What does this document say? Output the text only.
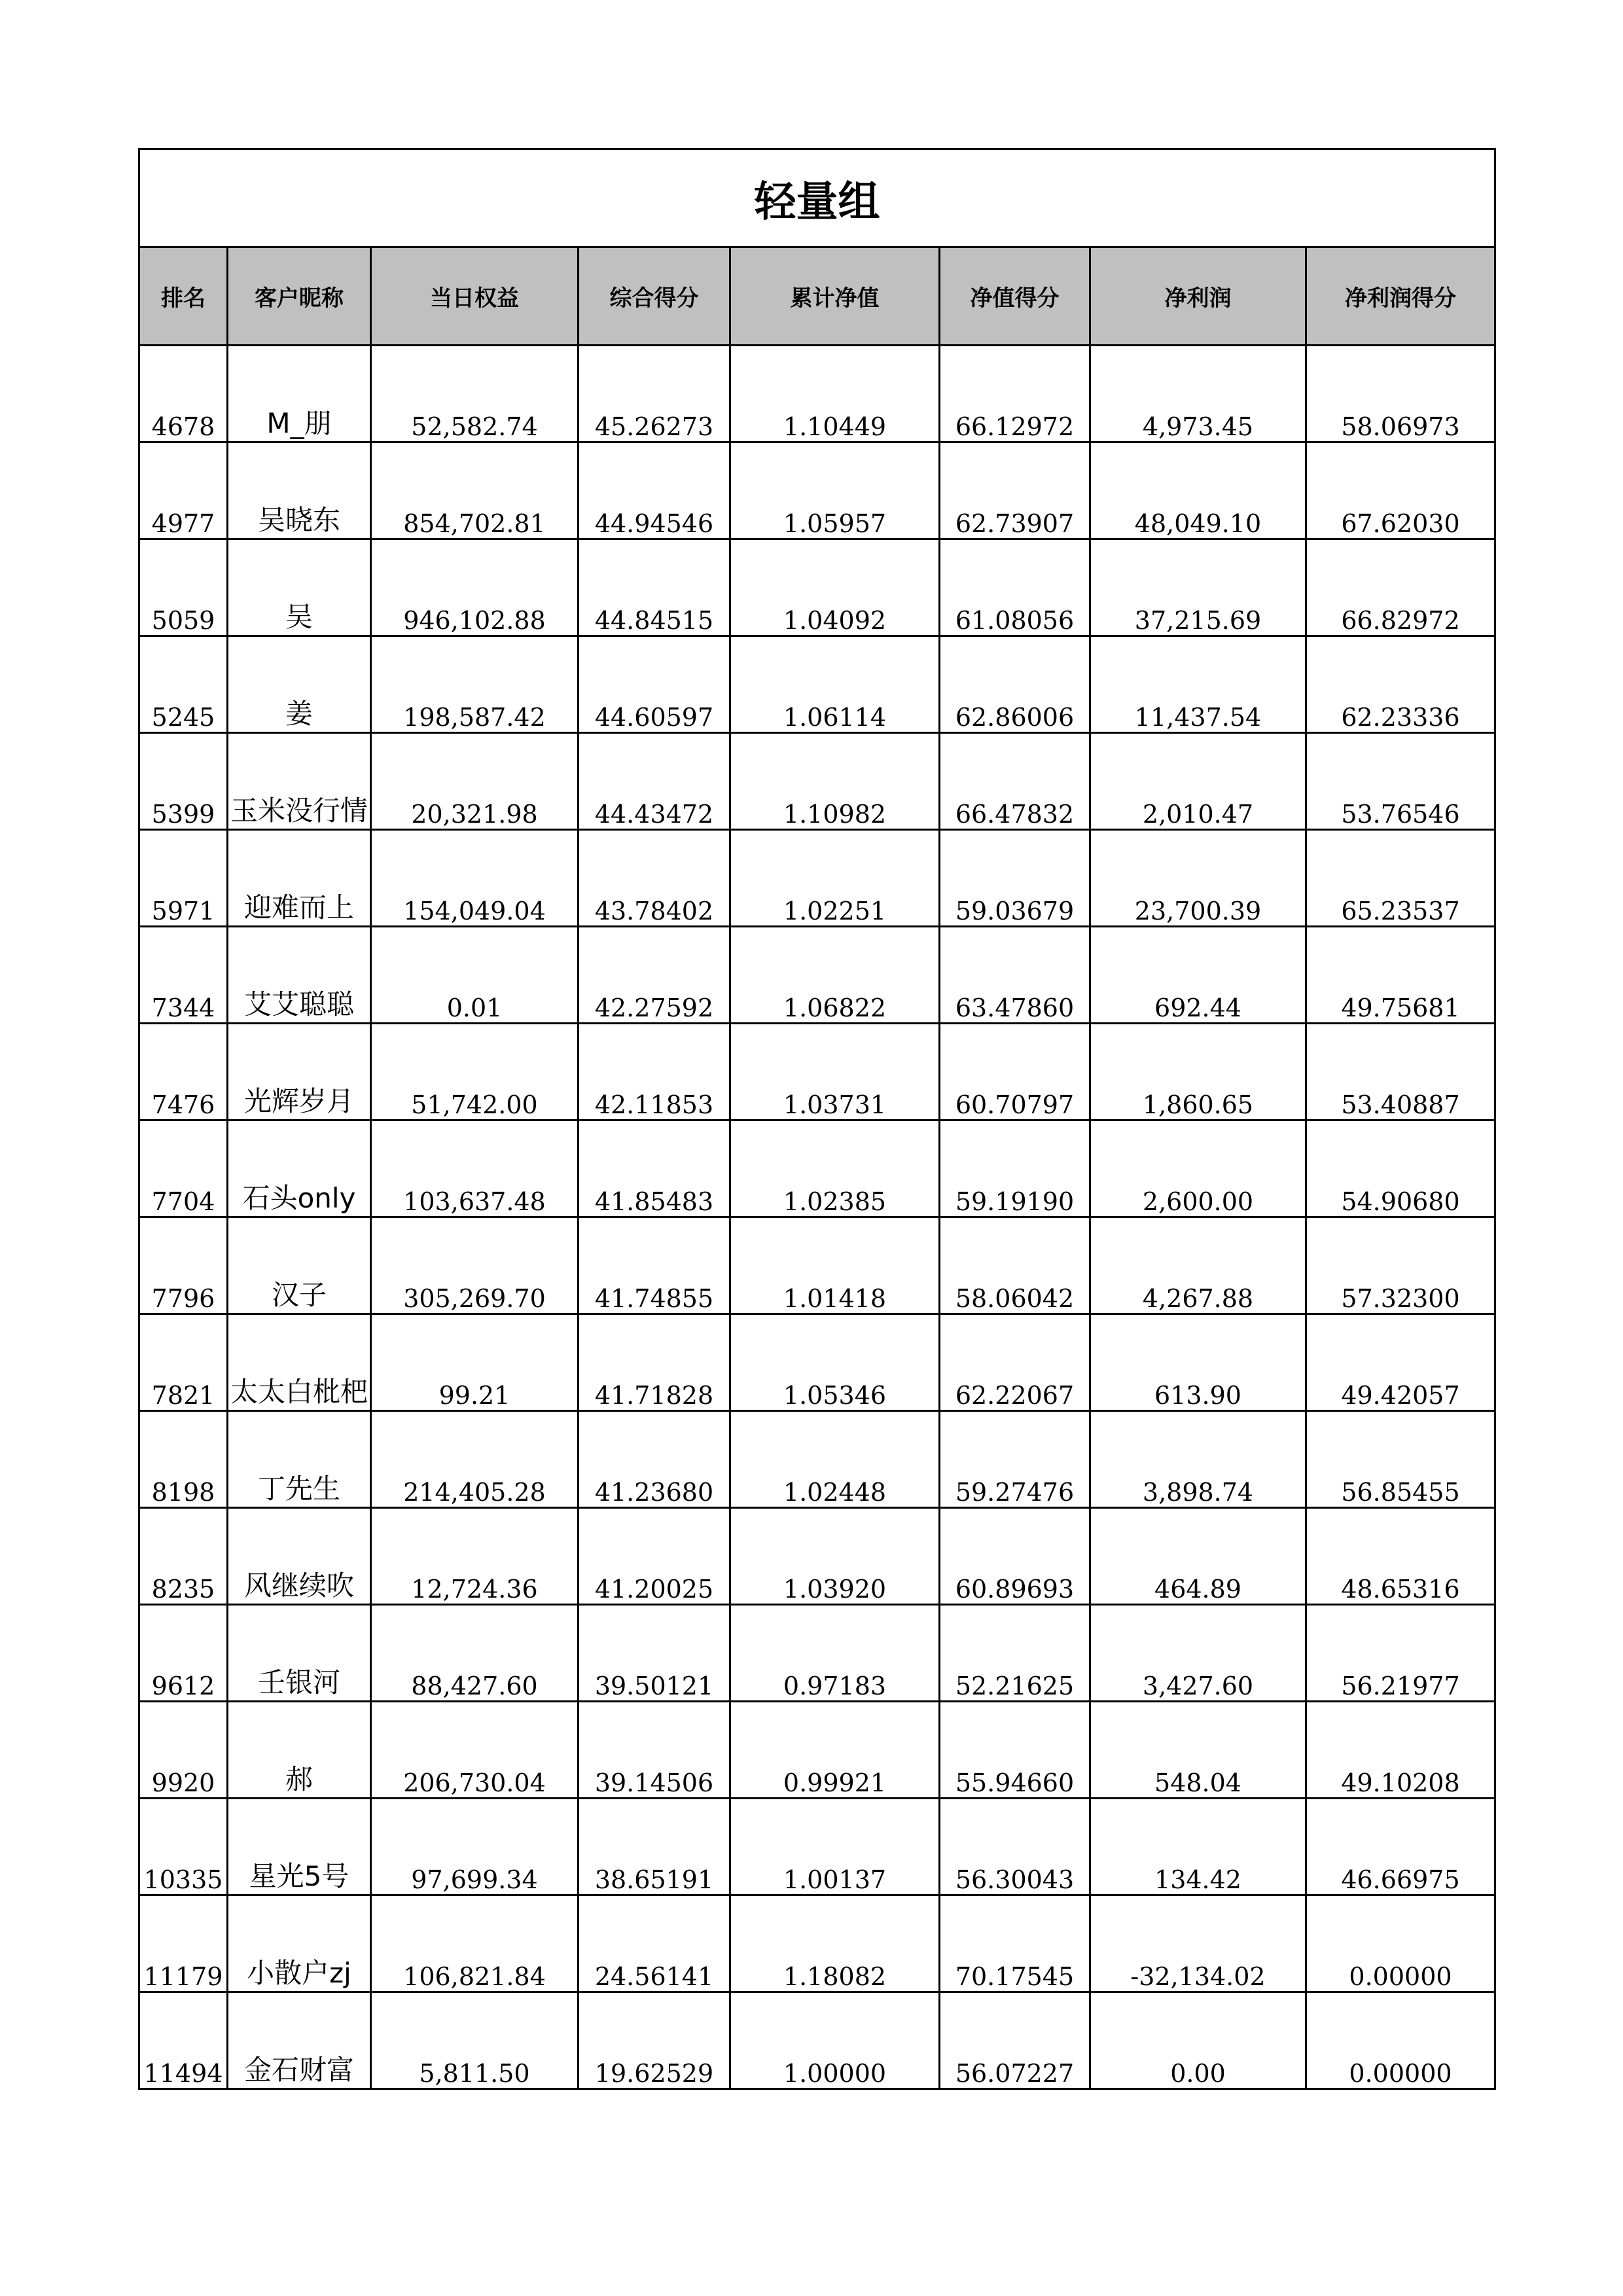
轻量组							
排名	客户昵称	当日权益	综合得分	累计净值	净值得分	净利润	净利润得分
4678	M_朋	52,582.74	45.26273	1.10449	66.12972	4,973.45	58.06973
4977	吴晓东	854,702.81	44.94546	1.05957	62.73907	48,049.10	67.62030
5059	吴	946,102.88	44.84515	1.04092	61.08056	37,215.69	66.82972
5245	姜	198,587.42	44.60597	1.06114	62.86006	11,437.54	62.23336
5399	玉米没行情	20,321.98	44.43472	1.10982	66.47832	2,010.47	53.76546
5971	迎难而上	154,049.04	43.78402	1.02251	59.03679	23,700.39	65.23537
7344	艾艾聪聪	0.01	42.27592	1.06822	63.47860	692.44	49.75681
7476	光辉岁月	51,742.00	42.11853	1.03731	60.70797	1,860.65	53.40887
7704	石头only	103,637.48	41.85483	1.02385	59.19190	2,600.00	54.90680
7796	汉子	305,269.70	41.74855	1.01418	58.06042	4,267.88	57.32300
7821	太太白枇杷	99.21	41.71828	1.05346	62.22067	613.90	49.42057
8198	丁先生	214,405.28	41.23680	1.02448	59.27476	3,898.74	56.85455
8235	风继续吹	12,724.36	41.20025	1.03920	60.89693	464.89	48.65316
9612	壬银河	88,427.60	39.50121	0.97183	52.21625	3,427.60	56.21977
9920	郝	206,730.04	39.14506	0.99921	55.94660	548.04	49.10208
10335	星光5号	97,699.34	38.65191	1.00137	56.30043	134.42	46.66975
11179	小散户zj	106,821.84	24.56141	1.18082	70.17545	-32,134.02	0.00000
11494	金石财富	5,811.50	19.62529	1.00000	56.07227	0.00	0.00000
